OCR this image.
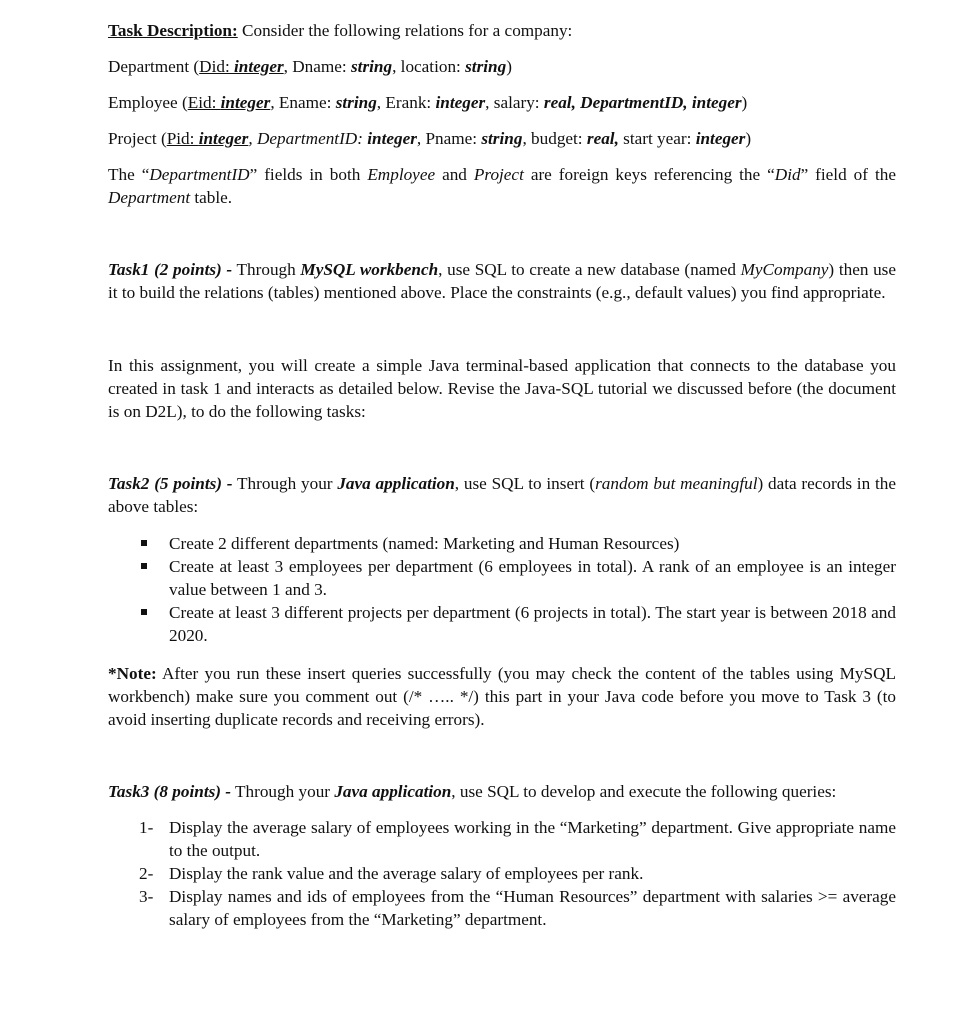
Task Description: Consider the following relations for a company:

Department (Did: integer, Dname: string, location: string)

Employee (Eid: integer, Ename: string, Erank: integer, salary: real, DepartmentID, integer)

Project (Pid: integer, DepartmentID: integer, Pname: string, budget: real, start year: integer)

The “DepartmentID” fields in both Employee and Project are foreign keys referencing the “Did” field of the Department table.

Task1 (2 points) - Through MySQL workbench, use SQL to create a new database (named MyCompany) then use it to build the relations (tables) mentioned above. Place the constraints (e.g., default values) you find appropriate.

In this assignment, you will create a simple Java terminal-based application that connects to the database you created in task 1 and interacts as detailed below. Revise the Java-SQL tutorial we discussed before (the document is on D2L), to do the following tasks:

Task2 (5 points) - Through your Java application, use SQL to insert (random but meaningful) data records in the above tables:

Create 2 different departments (named: Marketing and Human Resources)
Create at least 3 employees per department (6 employees in total). A rank of an employee is an integer value between 1 and 3.
Create at least 3 different projects per department (6 projects in total). The start year is between 2018 and 2020.

*Note: After you run these insert queries successfully (you may check the content of the tables using MySQL workbench) make sure you comment out (/* ….. */) this part in your Java code before you move to Task 3 (to avoid inserting duplicate records and receiving errors).

Task3 (8 points) - Through your Java application, use SQL to develop and execute the following queries:

1- Display the average salary of employees working in the “Marketing” department. Give appropriate name to the output.
2- Display the rank value and the average salary of employees per rank.
3- Display names and ids of employees from the “Human Resources” department with salaries >= average salary of employees from the “Marketing” department.
